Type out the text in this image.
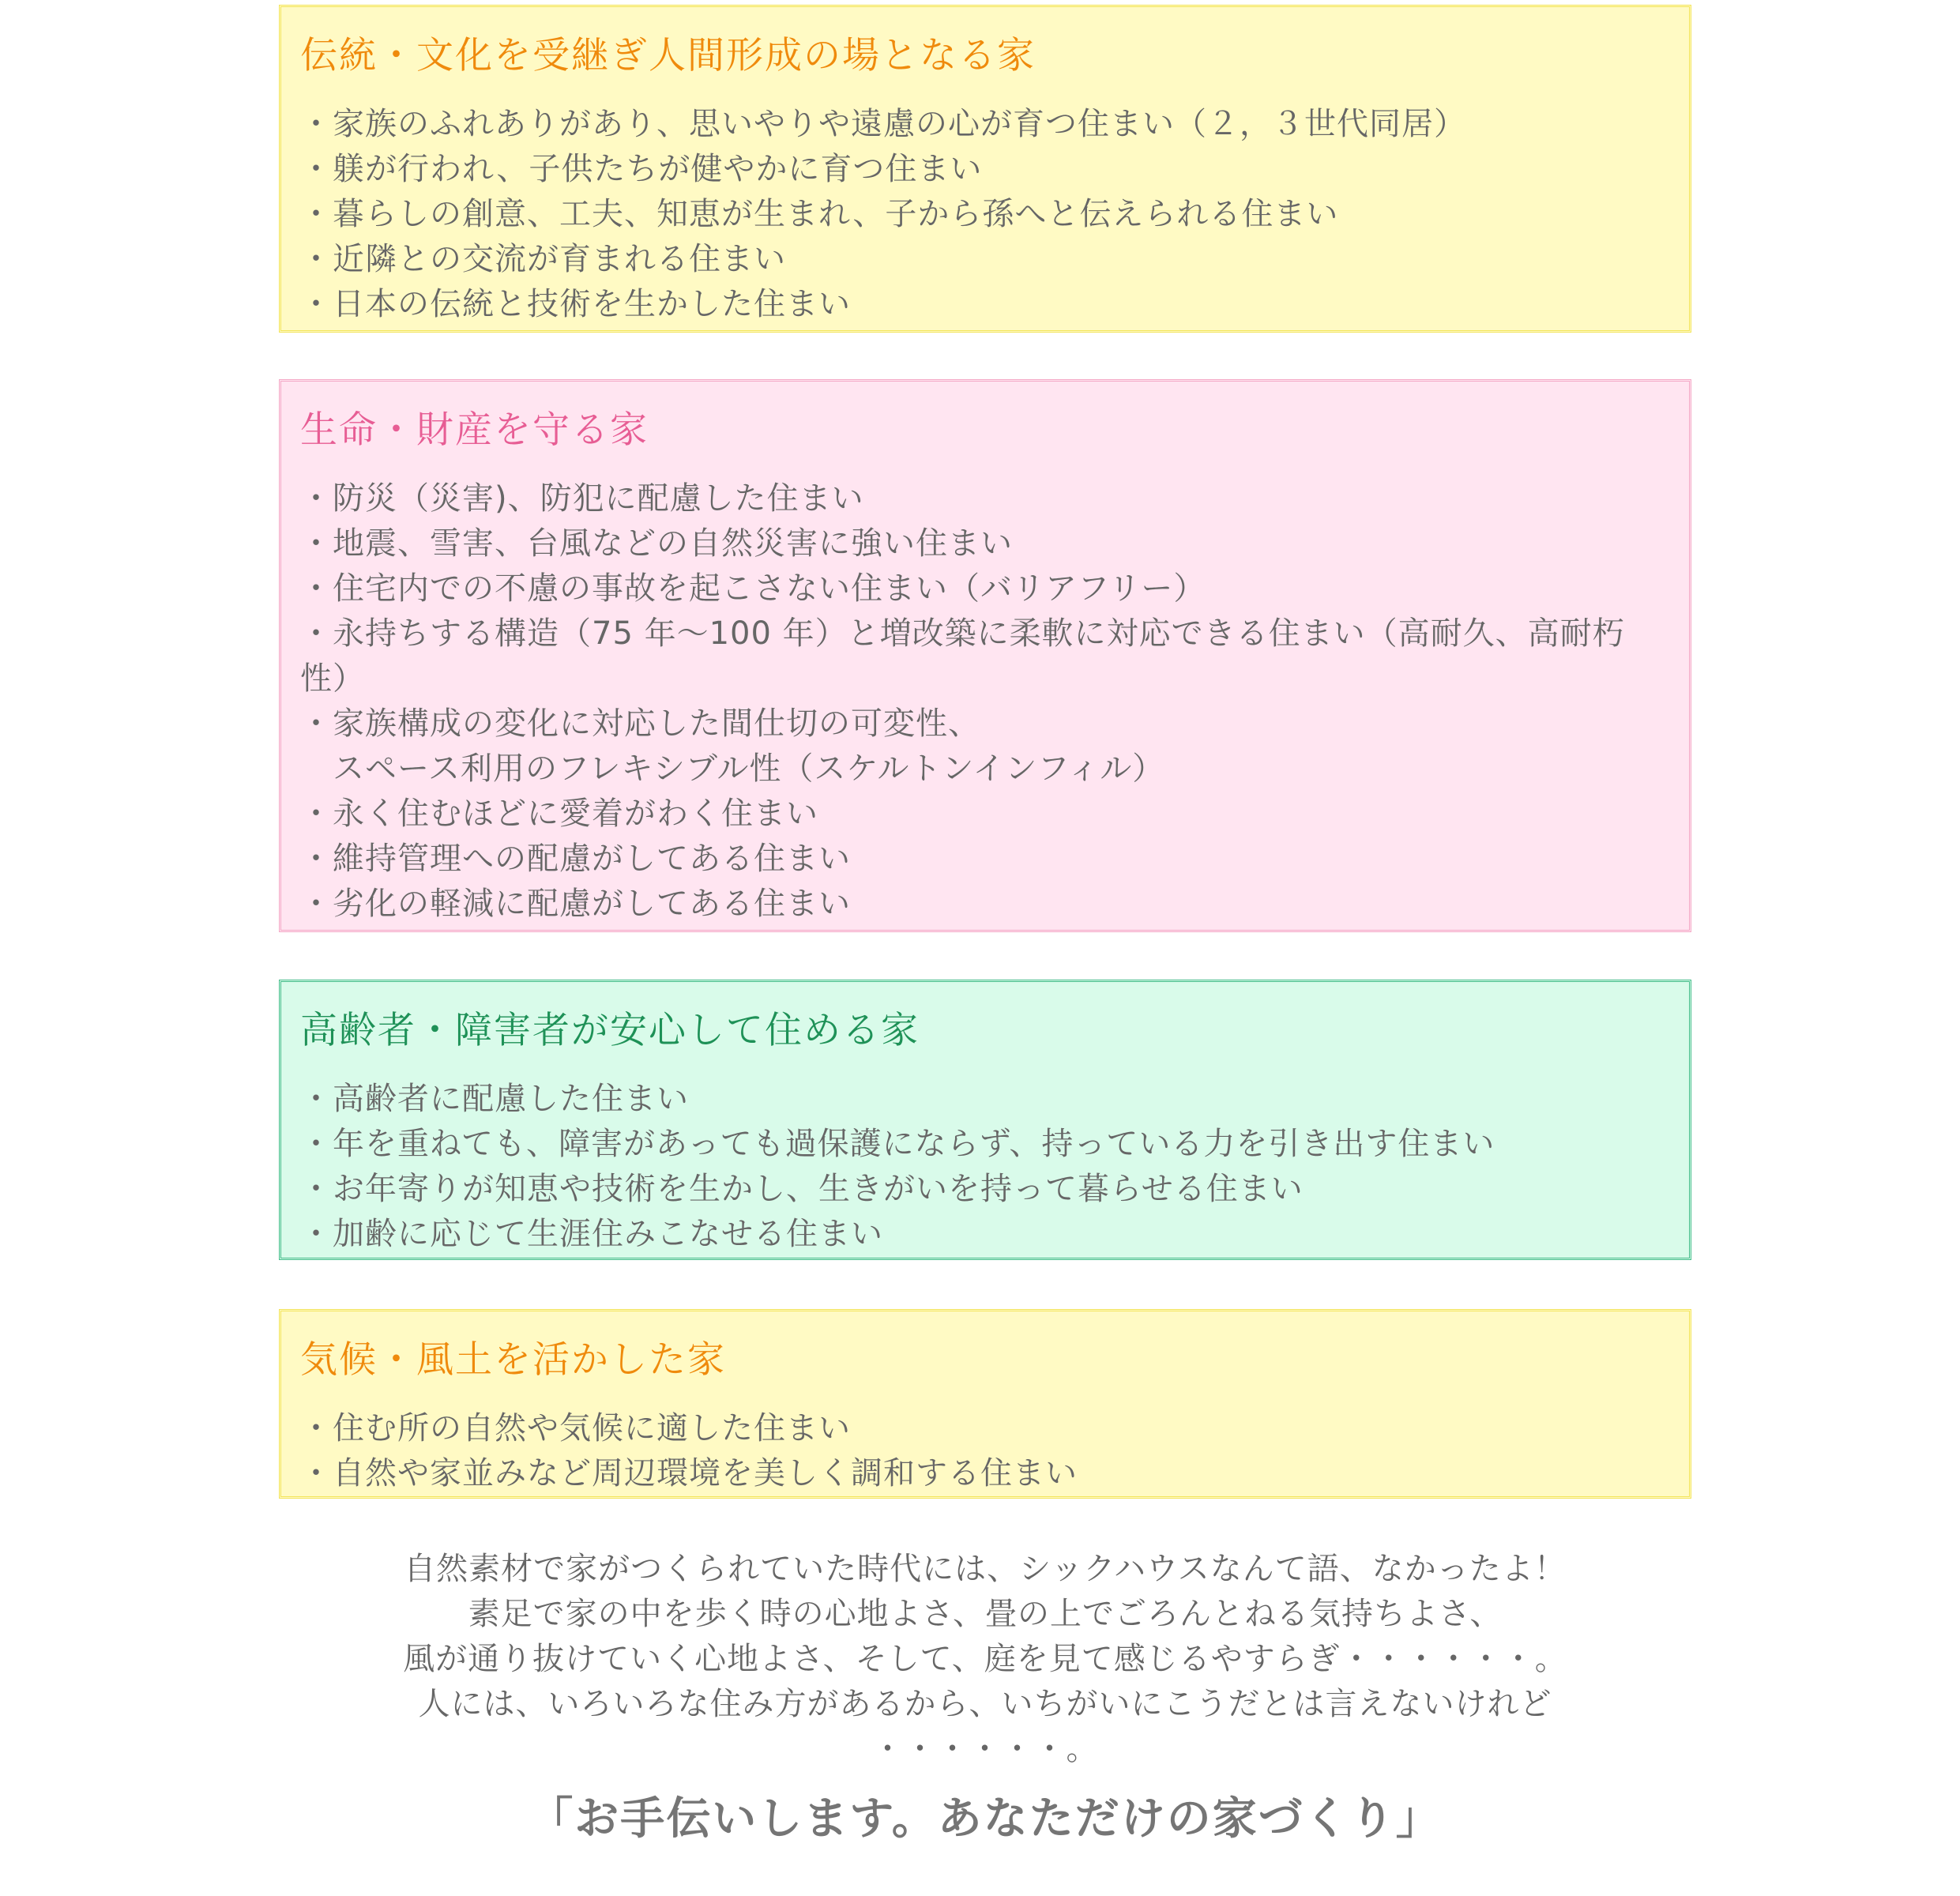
伝統・文化を受継ぎ人間形成の場となる家

・家族のふれありがあり、思いやりや遠慮の心が育つ住まい（２，３世代同居）

・躾が行われ、子供たちが健やかに育つ住まい

・暮らしの創意、工夫、知恵が生まれ、子から孫へと伝えられる住まい

・近隣との交流が育まれる住まい

・日本の伝統と技術を生かした住まい

生命・財産を守る家

・防災（災害)、防犯に配慮した住まい

・地震、雪害、台風などの自然災害に強い住まい

・住宅内での不慮の事故を起こさない住まい（バリアフリー）

・永持ちする構造（75 年～100 年）と増改築に柔軟に対応できる住まい（高耐久、高耐朽

性）

・家族構成の変化に対応した間仕切の可変性、

　スペース利用のフレキシブル性（スケルトンインフィル）

・永く住むほどに愛着がわく住まい

・維持管理への配慮がしてある住まい

・劣化の軽減に配慮がしてある住まい

高齢者・障害者が安心して住める家

・高齢者に配慮した住まい

・年を重ねても、障害があっても過保護にならず、持っている力を引き出す住まい

・お年寄りが知恵や技術を生かし、生きがいを持って暮らせる住まい

・加齢に応じて生涯住みこなせる住まい

気候・風土を活かした家

・住む所の自然や気候に適した住まい

・自然や家並みなど周辺環境を美しく調和する住まい

自然素材で家がつくられていた時代には、シックハウスなんて語、なかったよ！

素足で家の中を歩く時の心地よさ、畳の上でごろんとねる気持ちよさ、

風が通り抜けていく心地よさ、そして、庭を見て感じるやすらぎ・・・・・・。

人には、いろいろな住み方があるから、いちがいにこうだとは言えないけれど

・・・・・・。

「お手伝いします。あなただけの家づくり」
